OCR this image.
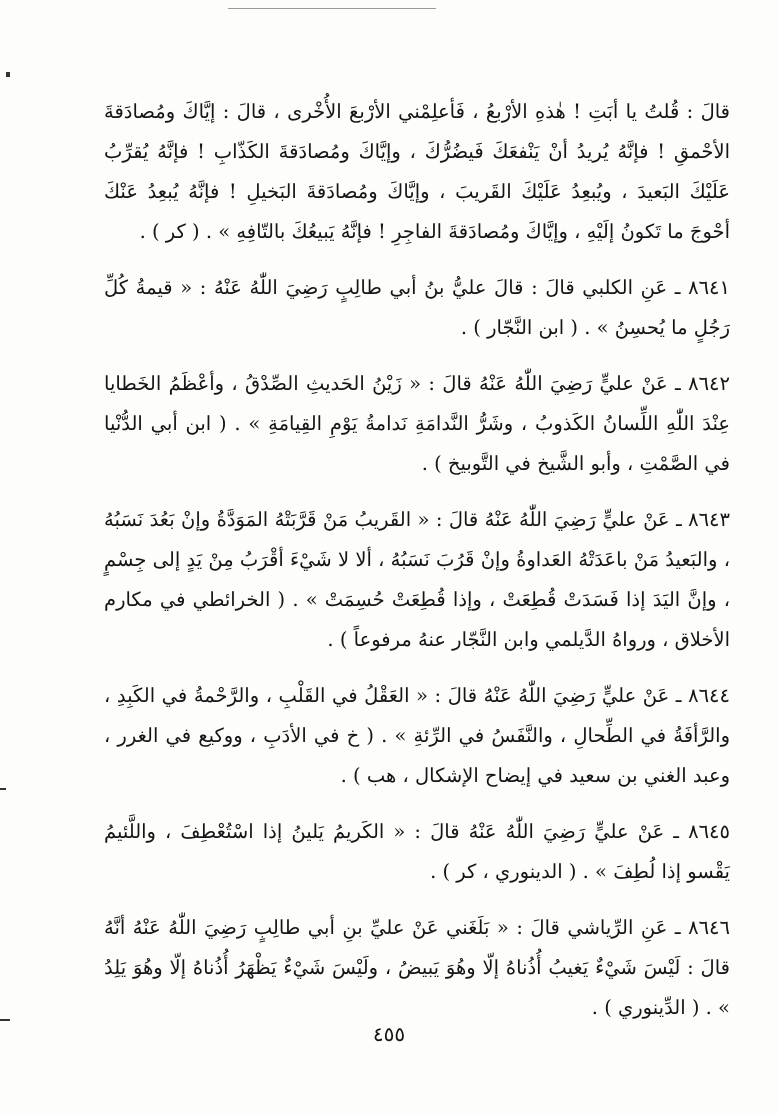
قالَ : قُلتُ يا أبَتِ ! هٰذهِ الأرْبعُ ، فَأعلِمْني الأرْبعَ الأُخْرى ، قالَ : إيَّاكَ ومُصادَقةَ الأحْمقِ ! فإنَّهُ يُريدُ أنْ يَنْفعَكَ فَيضُرُّكَ ، وإيَّاكَ ومُصادَقةَ الكَذّابِ ! فإنَّهُ يُقرِّبُ عَلَيْكَ البَعيدَ ، ويُبعِدُ عَلَيْكَ القَريبَ ، وإيَّاكَ ومُصادَقةَ البَخيلِ ! فإنَّهُ يُبعِدُ عَنْكَ أحْوجَ ما تَكونُ إلَيْهِ ، وإيَّاكَ ومُصادَقةَ الفاجِرِ ! فإنَّهُ يَبيعُكَ بالتّافِهِ » . ( كر ) .

٨٦٤١ ـ عَنِ الكلبي قالَ : قالَ عليُّ بنُ أبي طالِبٍ رَضِيَ اللّٰهُ عَنْهُ : « قيمةُ كُلِّ رَجُلٍ ما يُحسِنُ » . ( ابن النَّجّار ) .

٨٦٤٢ ـ عَنْ عليٍّ رَضِيَ اللّٰهُ عَنْهُ قالَ : « زَيْنُ الحَديثِ الصِّدْقُ ، وأعْظَمُ الخَطايا عِنْدَ اللّٰهِ اللِّسانُ الكَذوبُ ، وشَرُّ النَّدامَةِ نَدامةُ يَوْمِ القِيامَةِ » . ( ابن أبي الدُّنْيا في الصَّمْتِ ، وأبو الشَّيخ في التَّوبيخ ) .

٨٦٤٣ ـ عَنْ عليٍّ رَضِيَ اللّٰهُ عَنْهُ قالَ : « القَريبُ مَنْ قَرَّبَتْهُ المَوَدَّةُ وإنْ بَعُدَ نَسَبُهُ ، والبَعيدُ مَنْ باعَدَتْهُ العَداوةُ وإنْ قَرُبَ نَسَبُهُ ، ألا لا شَيْءَ أقْرَبُ مِنْ يَدٍ إلى جِسْمٍ ، وإنَّ اليَدَ إذا فَسَدَتْ قُطِعَتْ ، وإذا قُطِعَتْ حُسِمَتْ » . ( الخرائطي في مكارم الأخلاق ، ورواهُ الدَّيلمي وابن النَّجّار عنهُ مرفوعاً ) .

٨٦٤٤ ـ عَنْ عليٍّ رَضِيَ اللّٰهُ عَنْهُ قالَ : « العَقْلُ في القَلْبِ ، والرَّحْمةُ في الكَبِدِ ، والرَّأفَةُ في الطِّحالِ ، والنَّفَسُ في الرِّئةِ » . ( خ في الأدَبِ ، ووكيع في الغرر ، وعبد الغني بن سعيد في إيضاح الإشكال ، هب ) .

٨٦٤٥ ـ عَنْ عليٍّ رَضِيَ اللّٰهُ عَنْهُ قالَ : « الكَريمُ يَلينُ إذا اسْتُعْطِفَ ، واللَّئيمُ يَقْسو إذا لُطِفَ » . ( الدينوري ، كر ) .

٨٦٤٦ ـ عَنِ الرِّياشي قالَ : « بَلَغَني عَنْ عليِّ بنِ أبي طالِبٍ رَضِيَ اللّٰهُ عَنْهُ أنَّهُ قالَ : لَيْسَ شَيْءٌ يَغيبُ أُذُناهُ إلّا وهُوَ يَبيضُ ، ولَيْسَ شَيْءٌ يَظْهَرُ أُذُناهُ إلّا وهُوَ يَلِدُ » . ( الدِّينوري ) .

٤٥٥
